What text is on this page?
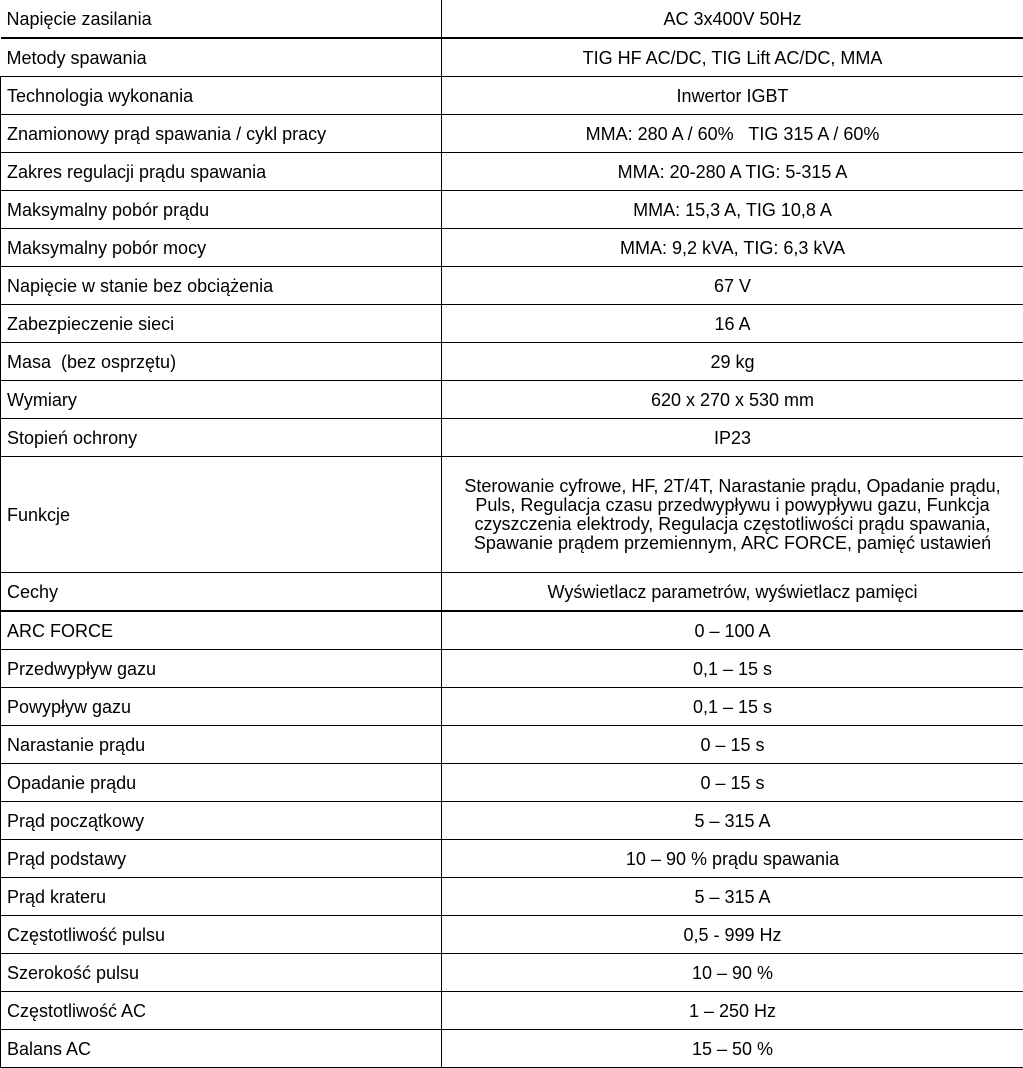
Napięcie zasilania	AC 3x400V 50Hz
Metody spawania	TIG HF AC/DC, TIG Lift AC/DC, MMA
Technologia wykonania	Inwertor IGBT
Znamionowy prąd spawania / cykl pracy	MMA: 280 A / 60%   TIG 315 A / 60%
Zakres regulacji prądu spawania	MMA: 20-280 A TIG: 5-315 A
Maksymalny pobór prądu	MMA: 15,3 A, TIG 10,8 A
Maksymalny pobór mocy	MMA: 9,2 kVA, TIG: 6,3 kVA
Napięcie w stanie bez obciążenia	67 V
Zabezpieczenie sieci	16 A
Masa  (bez osprzętu)	29 kg
Wymiary	620 x 270 x 530 mm
Stopień ochrony	IP23
Funkcje	Sterowanie cyfrowe, HF, 2T/4T, Narastanie prądu, Opadanie prądu, Puls, Regulacja czasu przedwypływu i powypływu gazu, Funkcja czyszczenia elektrody, Regulacja częstotliwości prądu spawania, Spawanie prądem przemiennym, ARC FORCE, pamięć ustawień
Cechy	Wyświetlacz parametrów, wyświetlacz pamięci
ARC FORCE	0 – 100 A
Przedwypływ gazu	0,1 – 15 s
Powypływ gazu	0,1 – 15 s
Narastanie prądu	0 – 15 s
Opadanie prądu	0 – 15 s
Prąd początkowy	5 – 315 A
Prąd podstawy	10 – 90 % prądu spawania
Prąd krateru	5 – 315 A
Częstotliwość pulsu	0,5 - 999 Hz
Szerokość pulsu	10 – 90 %
Częstotliwość AC	1 – 250 Hz
Balans AC	15 – 50 %
